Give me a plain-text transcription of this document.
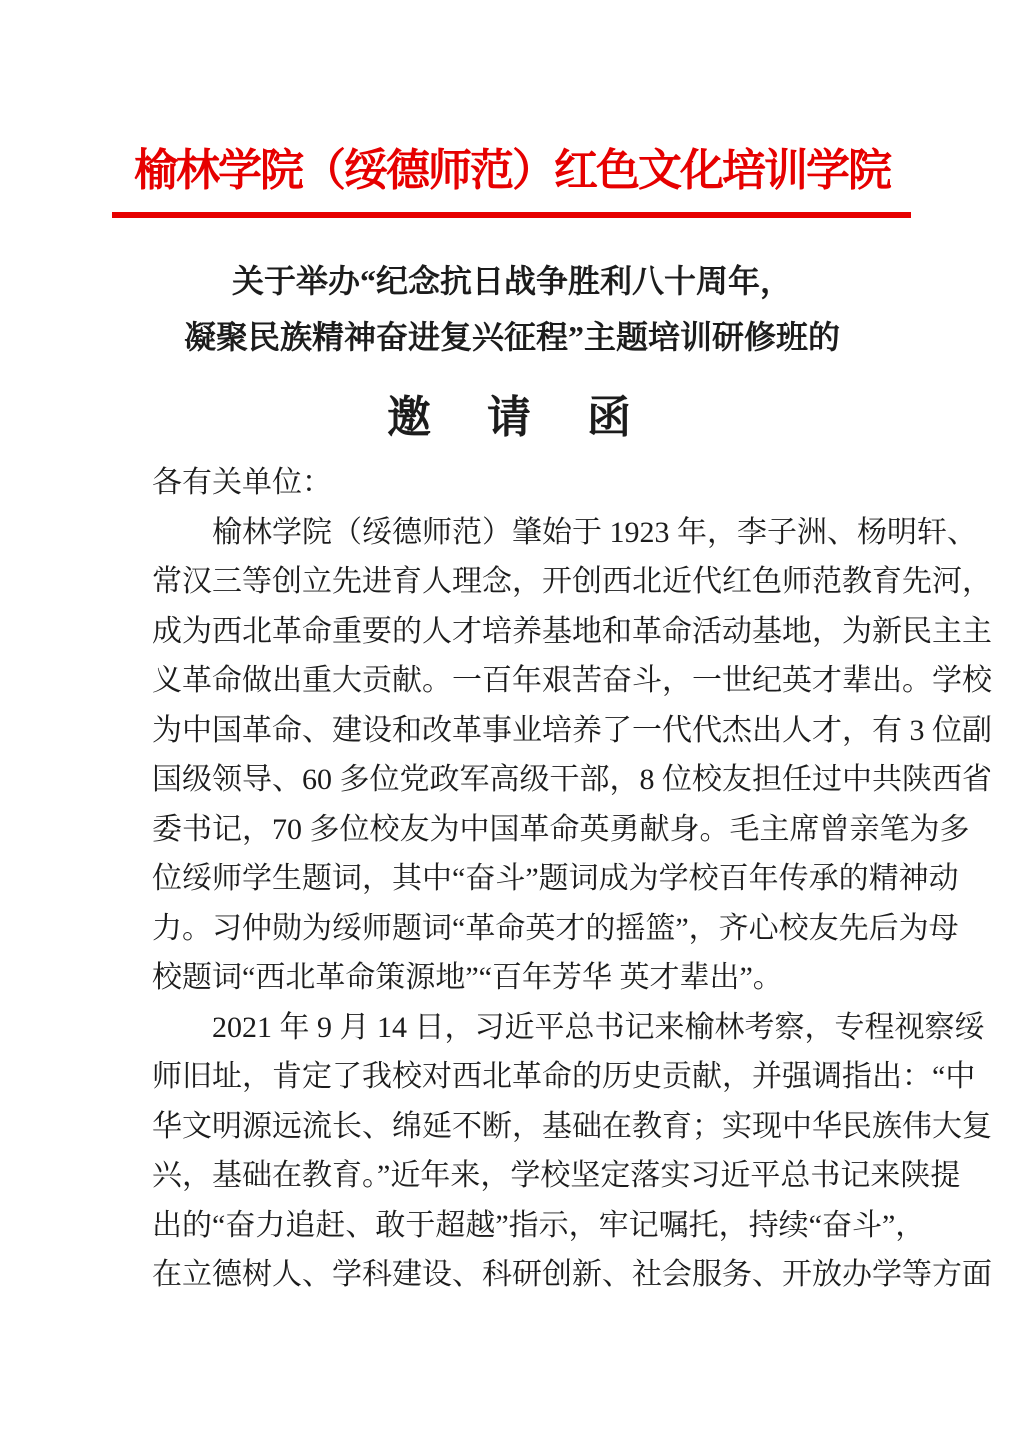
榆林学院（绥德师范）红色文化培训学院
关于举办“纪念抗日战争胜利八十周年，
凝聚民族精神奋进复兴征程”主题培训研修班的
邀　请　函
各有关单位：
榆林学院（绥德师范）肇始于 1923 年，李子洲、杨明轩、
常汉三等创立先进育人理念，开创西北近代红色师范教育先河，
成为西北革命重要的人才培养基地和革命活动基地，为新民主主
义革命做出重大贡献。一百年艰苦奋斗，一世纪英才辈出。学校
为中国革命、建设和改革事业培养了一代代杰出人才，有 3 位副
国级领导、60 多位党政军高级干部，8 位校友担任过中共陕西省
委书记，70 多位校友为中国革命英勇献身。毛主席曾亲笔为多
位绥师学生题词，其中“奋斗”题词成为学校百年传承的精神动
力。习仲勋为绥师题词“革命英才的摇篮”，齐心校友先后为母
校题词“西北革命策源地”“百年芳华 英才辈出”。
2021 年 9 月 14 日，习近平总书记来榆林考察，专程视察绥
师旧址，肯定了我校对西北革命的历史贡献，并强调指出：“中
华文明源远流长、绵延不断，基础在教育；实现中华民族伟大复
兴，基础在教育。”近年来，学校坚定落实习近平总书记来陕提
出的“奋力追赶、敢于超越”指示，牢记嘱托，持续“奋斗”，
在立德树人、学科建设、科研创新、社会服务、开放办学等方面
